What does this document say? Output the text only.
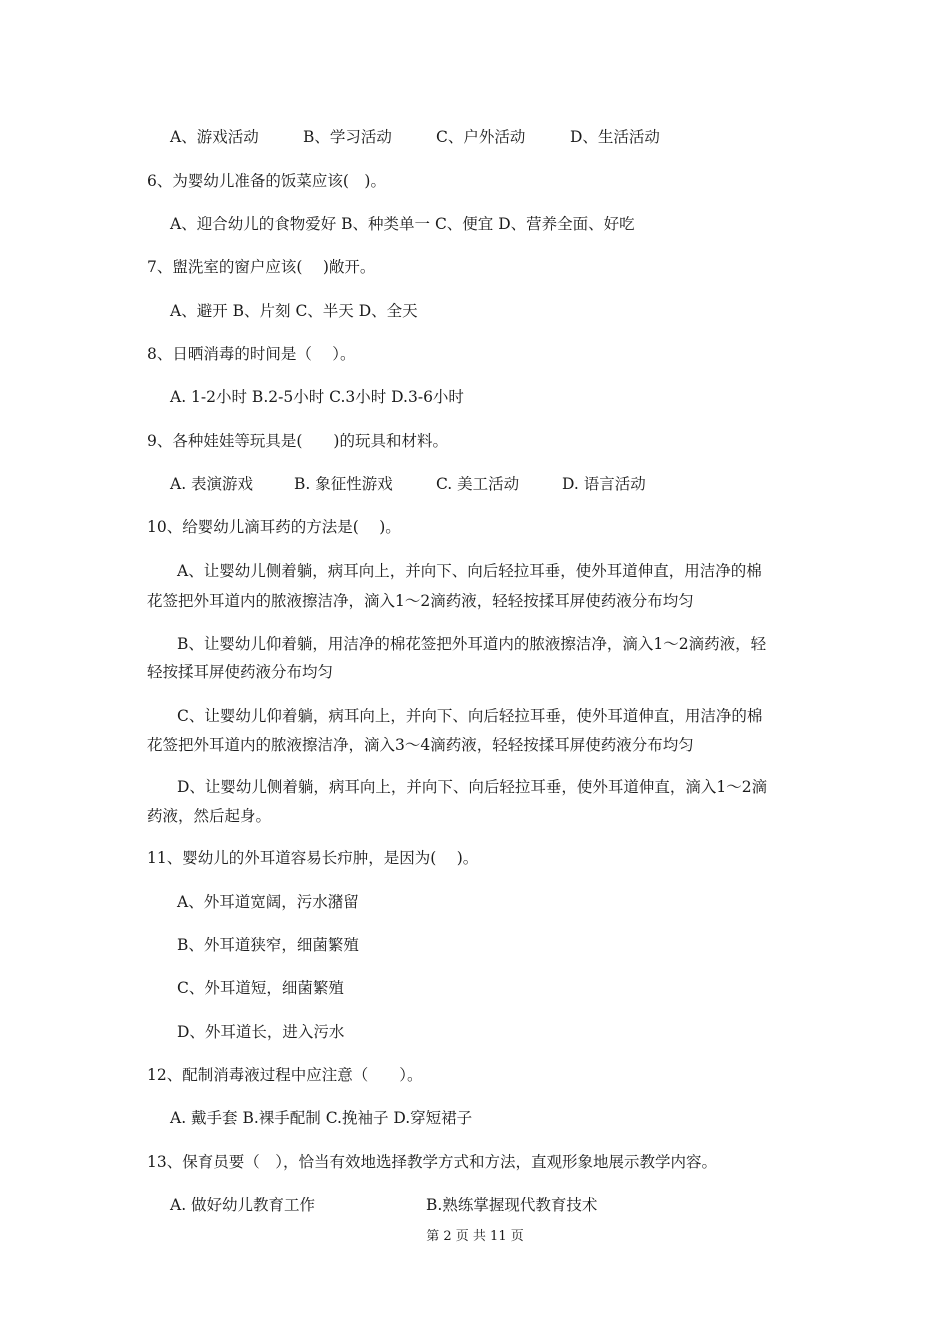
A、游戏活动	B、学习活动	C、户外活动	D、生活活动
6、为婴幼儿准备的饭菜应该(　)。
A、迎合幼儿的食物爱好 B、种类单一 C、便宜 D、营养全面、好吃
7、盥洗室的窗户应该(　 )敞开。
A、避开 B、片刻 C、半天 D、全天
8、日晒消毒的时间是（　 ）。
A. 1-2小时 B.2-5小时 C.3小时 D.3-6小时
9、各种娃娃等玩具是(　　)的玩具和材料。
A. 表演游戏	B. 象征性游戏	C. 美工活动	D. 语言活动
10、给婴幼儿滴耳药的方法是(　 )。
A、让婴幼儿侧着躺，病耳向上，并向下、向后轻拉耳垂，使外耳道伸直，用洁净的棉
花签把外耳道内的脓液擦洁净，滴入1～2滴药液，轻轻按揉耳屏使药液分布均匀
B、让婴幼儿仰着躺，用洁净的棉花签把外耳道内的脓液擦洁净，滴入1～2滴药液，轻
轻按揉耳屏使药液分布均匀
C、让婴幼儿仰着躺，病耳向上，并向下、向后轻拉耳垂，使外耳道伸直，用洁净的棉
花签把外耳道内的脓液擦洁净，滴入3～4滴药液，轻轻按揉耳屏使药液分布均匀
D、让婴幼儿侧着躺，病耳向上，并向下、向后轻拉耳垂，使外耳道伸直，滴入1～2滴
药液，然后起身。
11、婴幼儿的外耳道容易长疖肿，是因为(　 )。
A、外耳道宽阔，污水潴留
B、外耳道狭窄，细菌繁殖
C、外耳道短，细菌繁殖
D、外耳道长，进入污水
12、配制消毒液过程中应注意（　　）。
A. 戴手套 B.裸手配制 C.挽袖子 D.穿短裙子
13、保育员要（　），恰当有效地选择教学方式和方法，直观形象地展示教学内容。
A. 做好幼儿教育工作	B.熟练掌握现代教育技术
第 2 页 共 11 页
